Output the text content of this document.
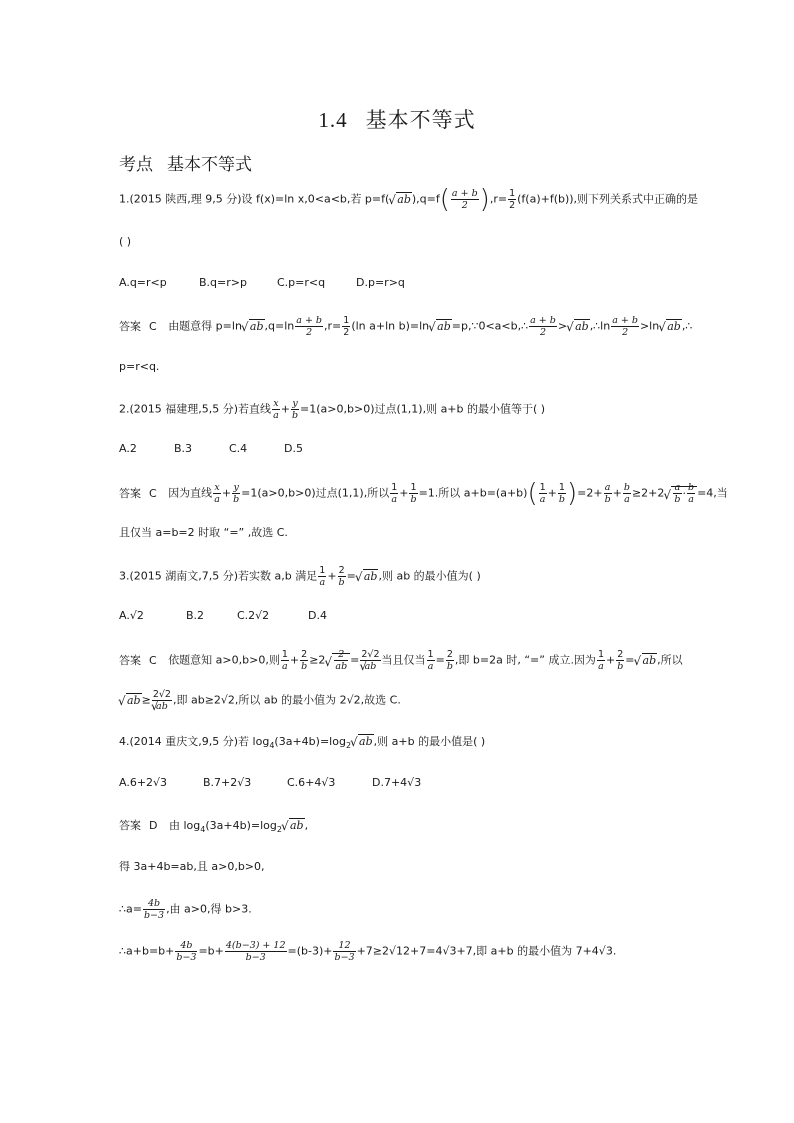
1.4 基本不等式
考点 基本不等式
1.(2015 陕西,理 9,5 分)设 f(x)=ln x,0<a<b,若 p=f(√ $ab),q=f( \frac{a + b}{2} ),r= \frac{1}{2} (f(a)+f(b))$,则下列关系式中正确的是
( )
A.q=r<p	B.q=r>p	C.p=r<q	D.p=r>q
答案 C 由题意得 p=ln√ $ab,q=\ln \frac{a + b}{2} ,r= \frac{1}{2} (\ln$ a+ln b)=ln√ ab=p,∵0<a<b,∴ $\frac{a + b}{2}$ >√ ab,∴ln $\frac{a + b}{2} >\ln√$ ab,∴
p=r<q.
2.(2015 福建理,5,5 分)若直线 $\frac{x}{a} + \frac{y}{b} =1(a>0,b>0)$过点(1,1),则 a+b 的最小值等于( )
A.2	B.3	C.4	D.5
答案 C 因为直线 $\frac{x}{a} + \frac{y}{b} =1(a>0,b>0)$过点(1,1),所以 $\frac{1}{a} + \frac{1}{b} =1$.所以 $a+b=(a+b)( \frac{1}{a} + \frac{1}{b} )=2+ \frac{a}{b} + \frac{b}{a} \ge 2+2$
√ $\frac{a}{b} \cdot \frac{b}{a} =4$,当
且仅当 a=b=2 时取 “=” ,故选 C.
3.(2015 湖南文,7,5 分)若实数 a,b 满足 $\frac{1}{a} + \frac{2}{b}$ =√ ab,则 ab 的最小值为( )
A.√2	B.2	C.2√2	D.4
答案 C 依题意知 a>0,b>0,则 $\frac{1}{a} + \frac{2}{b} \ge 2$
√ $\frac{2}{ab} = 2√2$
√ ab 当且仅当 $\frac{1}{a} = \frac{2}{b}$ ,即 b=2a 时, “=” 成立.因为 $\frac{1}{a} + \frac{2}{b}$ =√ ab,所以
√ ab≥ 2√2
√ ab ,即 ab≥2√2,所以 ab 的最小值为 2√2,故选 C.
4.(2014 重庆文,9,5 分)若 $\log_4(3a+4b)=\log_2√$ ab,则 a+b 的最小值是( )
A.6+2√3	B.7+2√3	C.6+4√3	D.7+4√3
答案 D 由 $\log_4(3a+4b)=\log_2√$ ab,
得 3a+4b=ab,且 a>0,b>0,
∴a= $\frac{4b}{b-3}$ ,由 a>0,得 b>3.
∴a+b=b+ $\frac{4b}{b-3} =b+ \frac{4(b-3) + 12}{b-3} =(b-3)+ \frac{12}{b-3} +7\ge 2√12+7=4√3+7$,即 a+b 的最小值为 7+4√3.
